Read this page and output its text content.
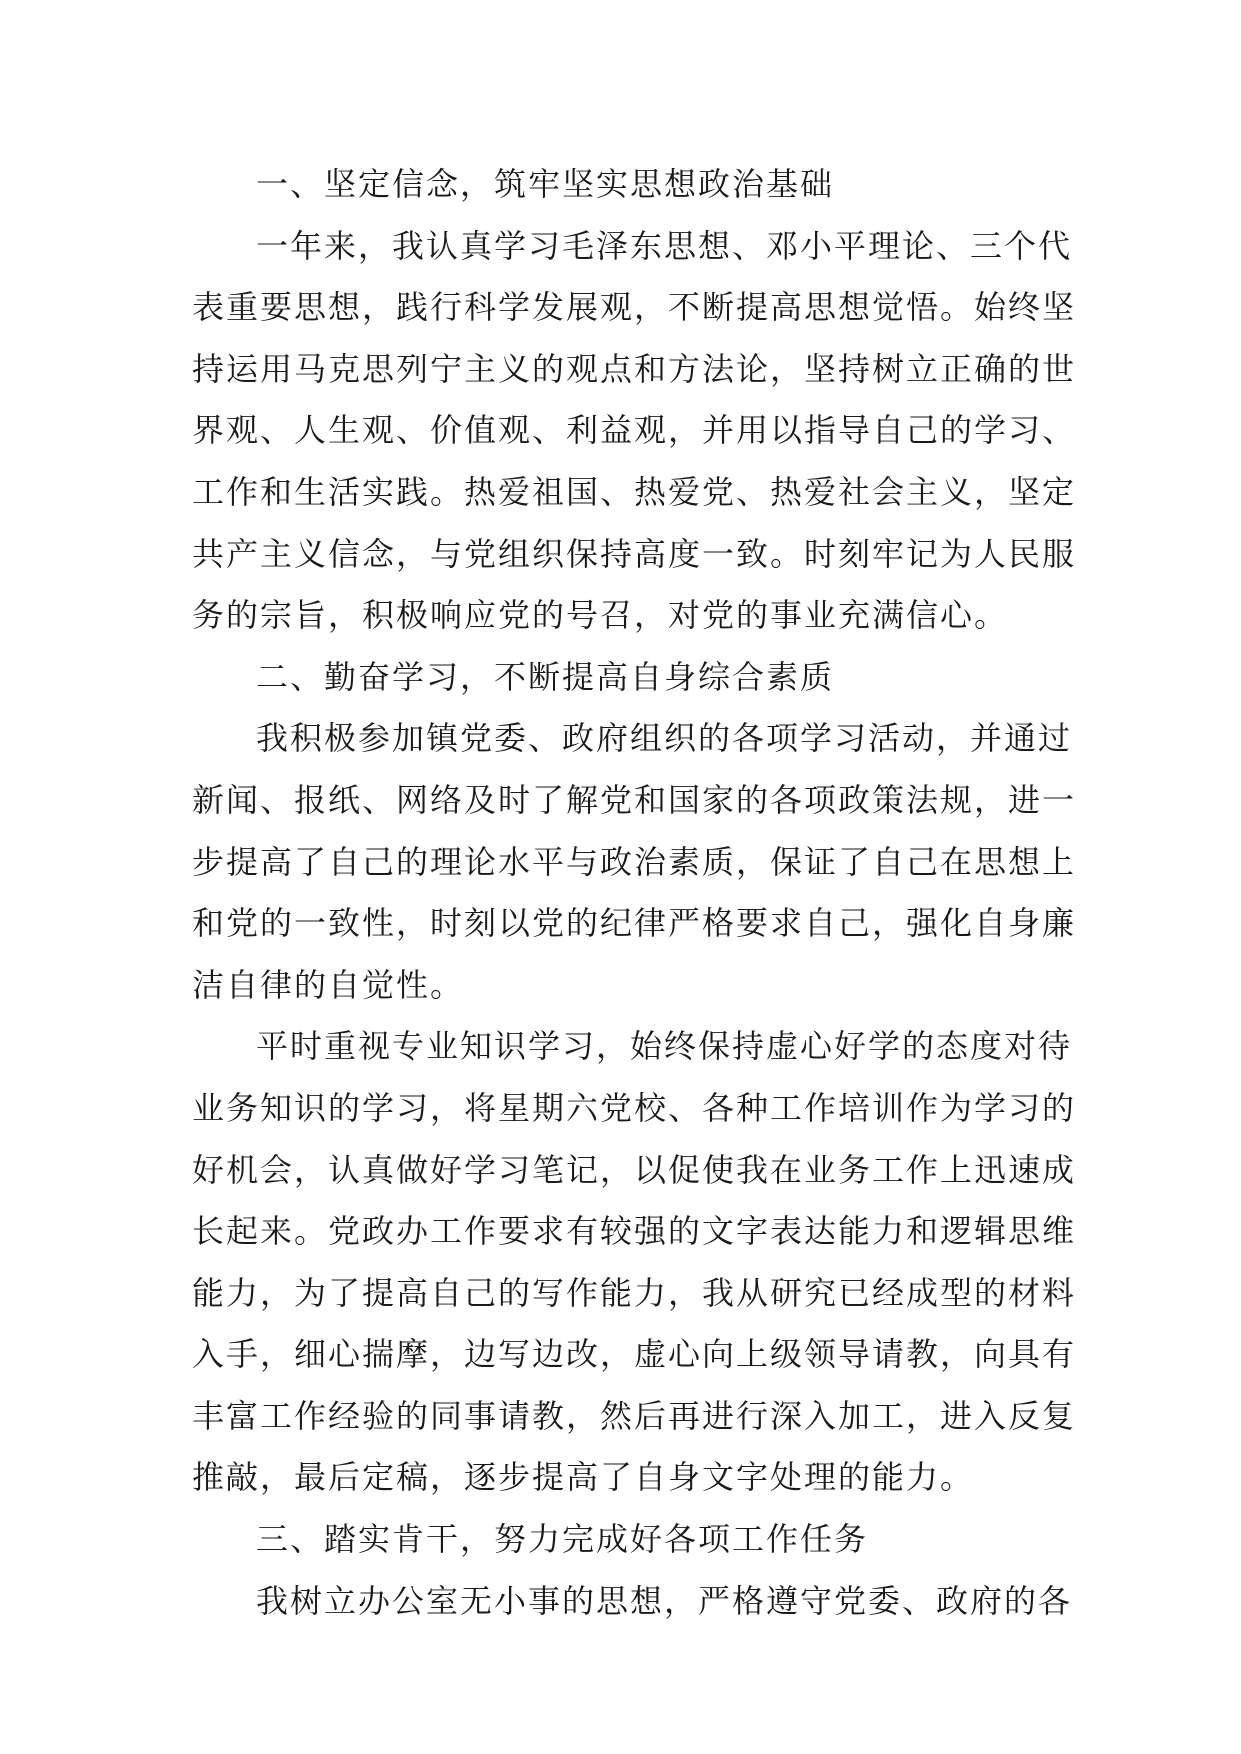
一、坚定信念，筑牢坚实思想政治基础
一年来，我认真学习毛泽东思想、邓小平理论、三个代
表重要思想，践行科学发展观，不断提高思想觉悟。始终坚
持运用马克思列宁主义的观点和方法论，坚持树立正确的世
界观、人生观、价值观、利益观，并用以指导自己的学习、
工作和生活实践。热爱祖国、热爱党、热爱社会主义，坚定
共产主义信念，与党组织保持高度一致。时刻牢记为人民服
务的宗旨，积极响应党的号召，对党的事业充满信心。
二、勤奋学习，不断提高自身综合素质
我积极参加镇党委、政府组织的各项学习活动，并通过
新闻、报纸、网络及时了解党和国家的各项政策法规，进一
步提高了自己的理论水平与政治素质，保证了自己在思想上
和党的一致性，时刻以党的纪律严格要求自己，强化自身廉
洁自律的自觉性。
平时重视专业知识学习，始终保持虚心好学的态度对待
业务知识的学习，将星期六党校、各种工作培训作为学习的
好机会，认真做好学习笔记，以促使我在业务工作上迅速成
长起来。党政办工作要求有较强的文字表达能力和逻辑思维
能力，为了提高自己的写作能力，我从研究已经成型的材料
入手，细心揣摩，边写边改，虚心向上级领导请教，向具有
丰富工作经验的同事请教，然后再进行深入加工，进入反复
推敲，最后定稿，逐步提高了自身文字处理的能力。
三、踏实肯干，努力完成好各项工作任务
我树立办公室无小事的思想，严格遵守党委、政府的各
